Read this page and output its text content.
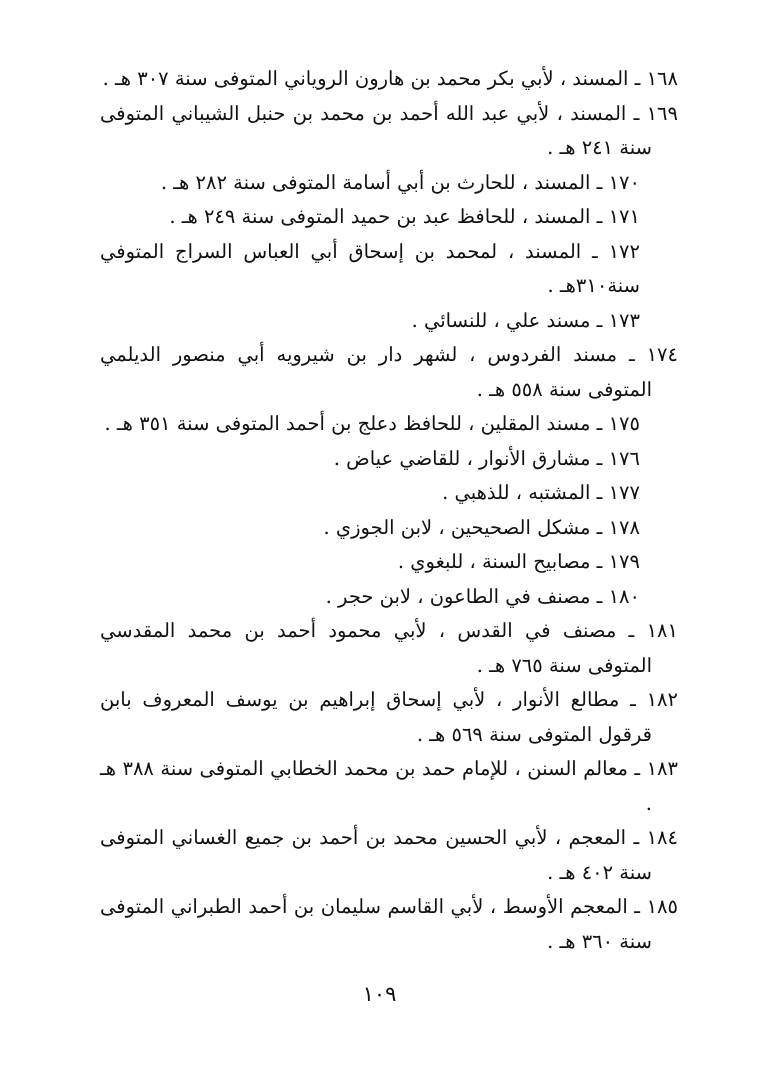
١٦٨ ـ المسند ، لأبي بكر محمد بن هارون الروياني المتوفى سنة ٣٠٧ هـ .

١٦٩ ـ المسند ، لأبي عبد الله أحمد بن محمد بن حنبل الشيباني المتوفى سنة ٢٤١ هـ .

١٧٠ ـ المسند ، للحارث بن أبي أسامة المتوفى سنة ٢٨٢ هـ .

١٧١ ـ المسند ، للحافظ عبد بن حميد المتوفى سنة ٢٤٩ هـ .

١٧٢ ـ المسند ، لمحمد بن إسحاق أبي العباس السراج المتوفي سنة٣١٠هـ .

١٧٣ ـ مسند علي ، للنسائي .

١٧٤ ـ مسند الفردوس ، لشهر دار بن شيرويه أبي منصور الديلمي المتوفى سنة ٥٥٨ هـ .

١٧٥ ـ مسند المقلين ، للحافظ دعلج بن أحمد المتوفى سنة ٣٥١ هـ .

١٧٦ ـ مشارق الأنوار ، للقاضي عياض .

١٧٧ ـ المشتبه ، للذهبي .

١٧٨ ـ مشكل الصحيحين ، لابن الجوزي .

١٧٩ ـ مصابيح السنة ، للبغوي .

١٨٠ ـ مصنف في الطاعون ، لابن حجر .

١٨١ ـ مصنف في القدس ، لأبي محمود أحمد بن محمد المقدسي المتوفى سنة ٧٦٥ هـ .

١٨٢ ـ مطالع الأنوار ، لأبي إسحاق إبراهيم بن يوسف المعروف بابن قرقول المتوفى سنة ٥٦٩ هـ .

١٨٣ ـ معالم السنن ، للإمام حمد بن محمد الخطابي المتوفى سنة ٣٨٨ هـ .

١٨٤ ـ المعجم ، لأبي الحسين محمد بن أحمد بن جميع الغساني المتوفى سنة ٤٠٢ هـ .

١٨٥ ـ المعجم الأوسط ، لأبي القاسم سليمان بن أحمد الطبراني المتوفى سنة ٣٦٠ هـ .

١٠٩
